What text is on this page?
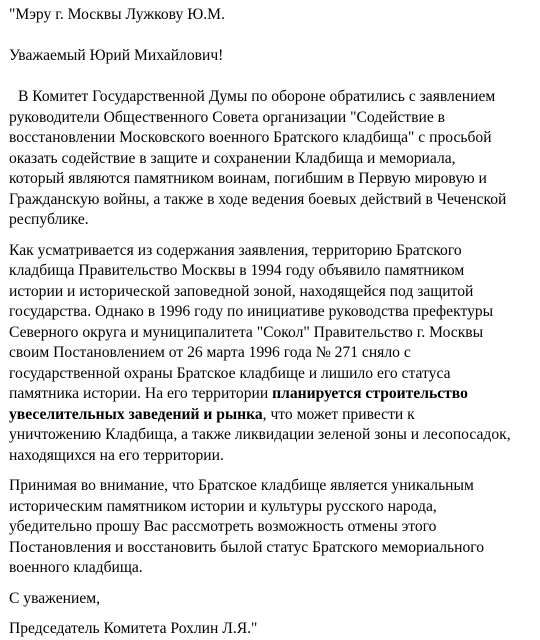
"Мэру г. Москвы Лужкову Ю.М.
Уважаемый Юрий Михайлович!
В Комитет Государственной Думы по обороне обратились с заявлением
руководители Общественного Совета организации "Содействие в
восстановлении Московского военного Братского кладбища" с просьбой
оказать содействие в защите и сохранении Кладбища и мемориала,
который являются памятником воинам, погибшим в Первую мировую и
Гражданскую войны, а также в ходе ведения боевых действий в Чеченской
республике.
Как усматривается из содержания заявления, территорию Братского
кладбища Правительство Москвы в 1994 году объявило памятником
истории и исторической заповедной зоной, находящейся под защитой
государства. Однако в 1996 году по инициативе руководства префектуры
Северного округа и муниципалитета "Сокол" Правительство г. Москвы
своим Постановлением от 26 марта 1996 года № 271 сняло с
государственной охраны Братское кладбище и лишило его статуса
памятника истории. На его территории планируется строительство
увеселительных заведений и рынка, что может привести к
уничтожению Кладбища, а также ликвидации зеленой зоны и лесопосадок,
находящихся на его территории.
Принимая во внимание, что Братское кладбище является уникальным
историческим памятником истории и культуры русского народа,
убедительно прошу Вас рассмотреть возможность отмены этого
Постановления и восстановить былой статус Братского мемориального
военного кладбища.
С уважением,
Председатель Комитета Рохлин Л.Я."
